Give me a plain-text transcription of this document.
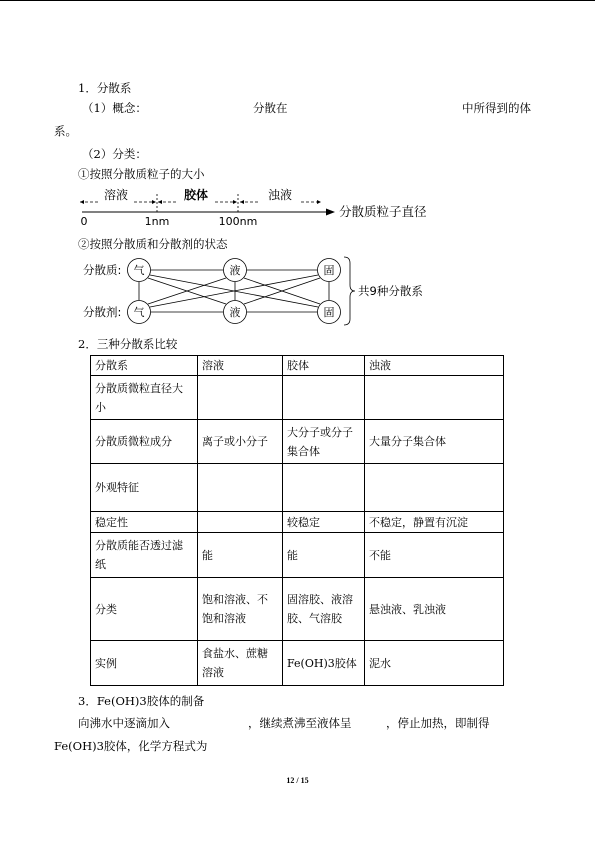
1．分散系
（1）概念：	分散在	中所得到的体
系。
（2）分类：
①按照分散质粒子的大小
溶液	胶体	浊液
0	1nm	100nm
分散质粒子直径
②按照分散质和分散剂的状态
分散质:
分散剂:
气	液	固
气	液	固
共9种分散系
2．三种分散系比较
分散系	溶液	胶体	浊液
分散质微粒直径大小			
分散质微粒成分	离子或小分子	大分子或分子集合体	大量分子集合体
外观特征			
稳定性		较稳定	不稳定，静置有沉淀
分散质能否透过滤纸	能	能	不能
分类	饱和溶液、不饱和溶液	固溶胶、液溶胶、气溶胶	悬浊液、乳浊液
实例	食盐水、蔗糖溶液	Fe(OH)3胶体	泥水
3．Fe(OH)3胶体的制备
向沸水中逐滴加入	，继续煮沸至液体呈	，停止加热，即制得
Fe(OH)3胶体，化学方程式为
12 / 15
